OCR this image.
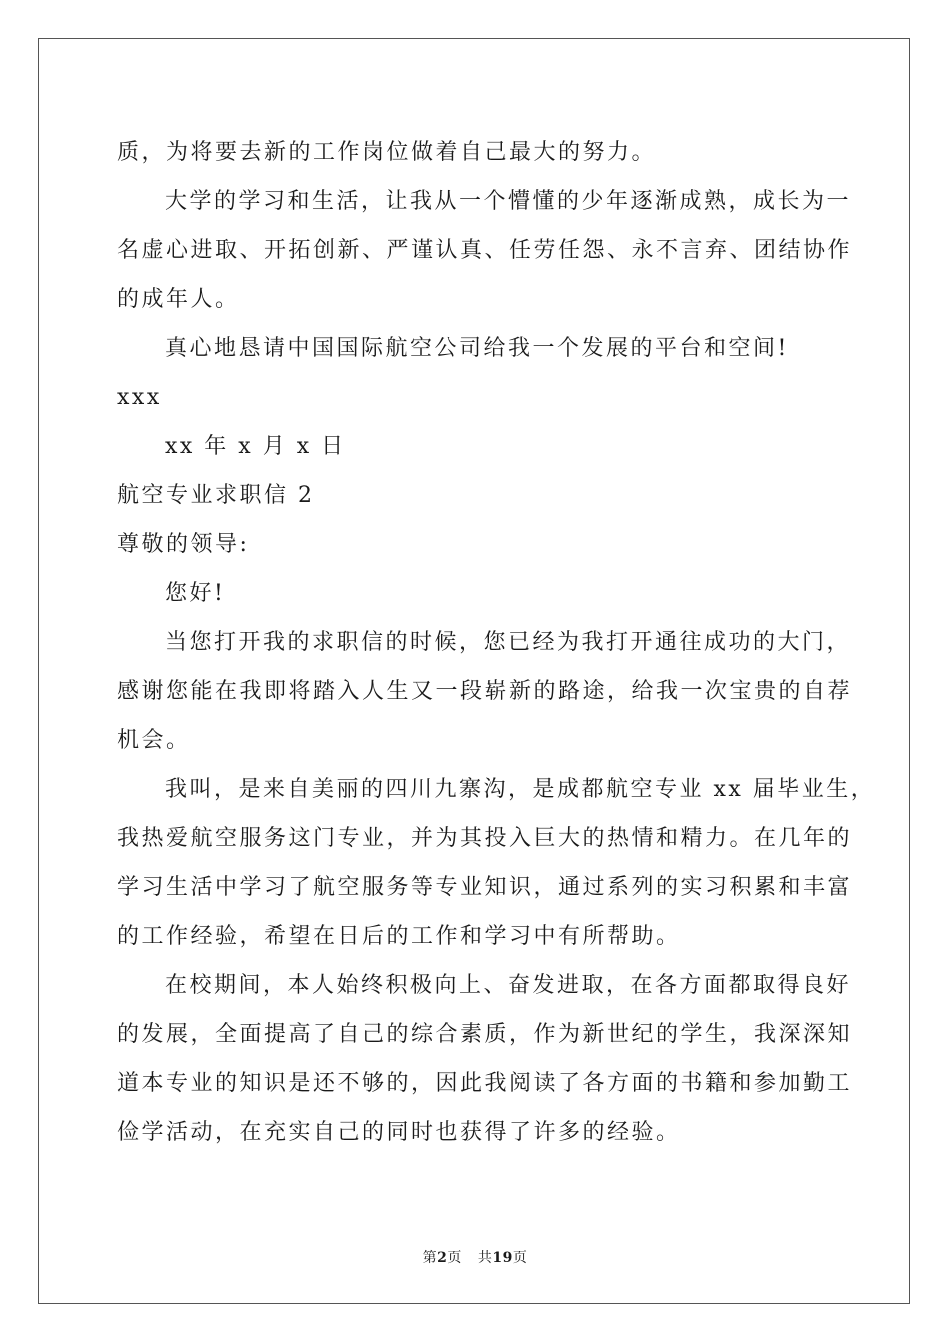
质，为将要去新的工作岗位做着自己最大的努力。
大学的学习和生活，让我从一个懵懂的少年逐渐成熟，成长为一
名虚心进取、开拓创新、严谨认真、任劳任怨、永不言弃、团结协作
的成年人。
真心地恳请中国国际航空公司给我一个发展的平台和空间!
xxx
xx 年 x 月 x 日
航空专业求职信 2
尊敬的领导:
您好!
当您打开我的求职信的时候，您已经为我打开通往成功的大门，
感谢您能在我即将踏入人生又一段崭新的路途，给我一次宝贵的自荐
机会。
我叫，是来自美丽的四川九寨沟，是成都航空专业 xx 届毕业生，
我热爱航空服务这门专业，并为其投入巨大的热情和精力。在几年的
学习生活中学习了航空服务等专业知识，通过系列的实习积累和丰富
的工作经验，希望在日后的工作和学习中有所帮助。
在校期间，本人始终积极向上、奋发进取，在各方面都取得良好
的发展，全面提高了自己的综合素质，作为新世纪的学生，我深深知
道本专业的知识是还不够的，因此我阅读了各方面的书籍和参加勤工
俭学活动，在充实自己的同时也获得了许多的经验。
第2页 共19页
